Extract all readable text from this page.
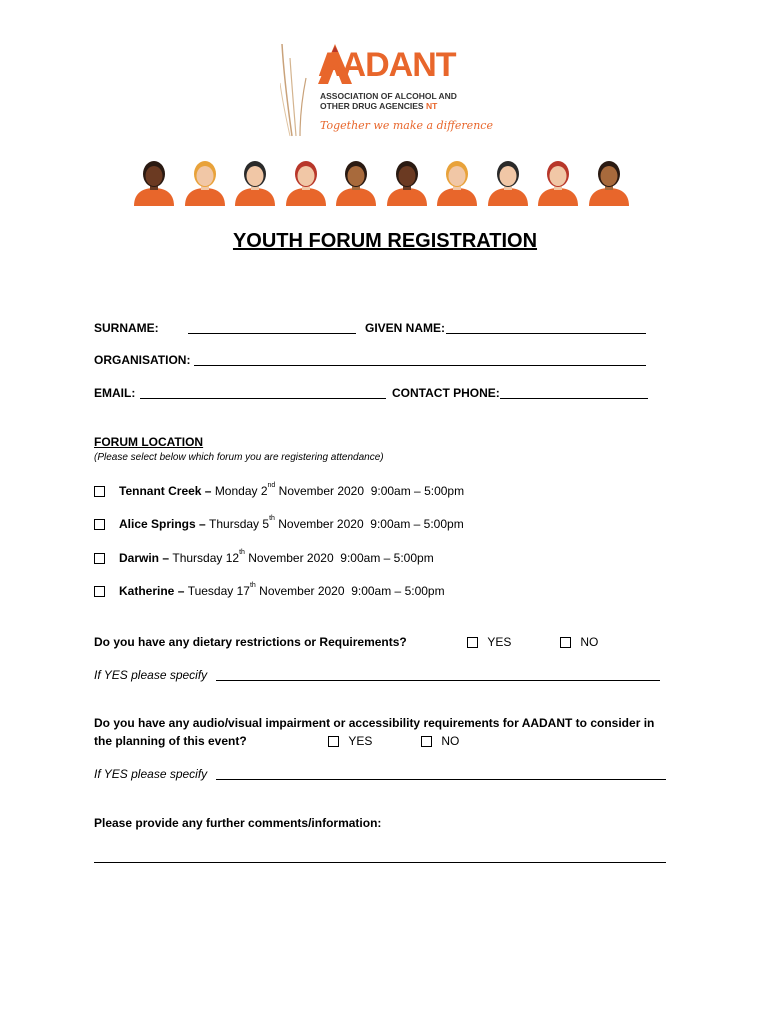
AADANT
ASSOCIATION OF ALCOHOL AND
OTHER DRUG AGENCIES NT
Together we make a difference
YOUTH FORUM REGISTRATION
SURNAME:	GIVEN NAME:
ORGANISATION:
EMAIL:	CONTACT PHONE:
FORUM LOCATION
(Please select below which forum you are registering attendance)
Tennant Creek – Monday 2nd November 2020  9:00am – 5:00pm
Alice Springs – Thursday 5th November 2020  9:00am – 5:00pm
Darwin – Thursday 12th November 2020  9:00am – 5:00pm
Katherine – Tuesday 17th November 2020  9:00am – 5:00pm
Do you have any dietary restrictions or Requirements?	YES	NO
If YES please specify
Do you have any audio/visual impairment or accessibility requirements for AADANT to consider in
the planning of this event?	YES	NO
If YES please specify
Please provide any further comments/information:
